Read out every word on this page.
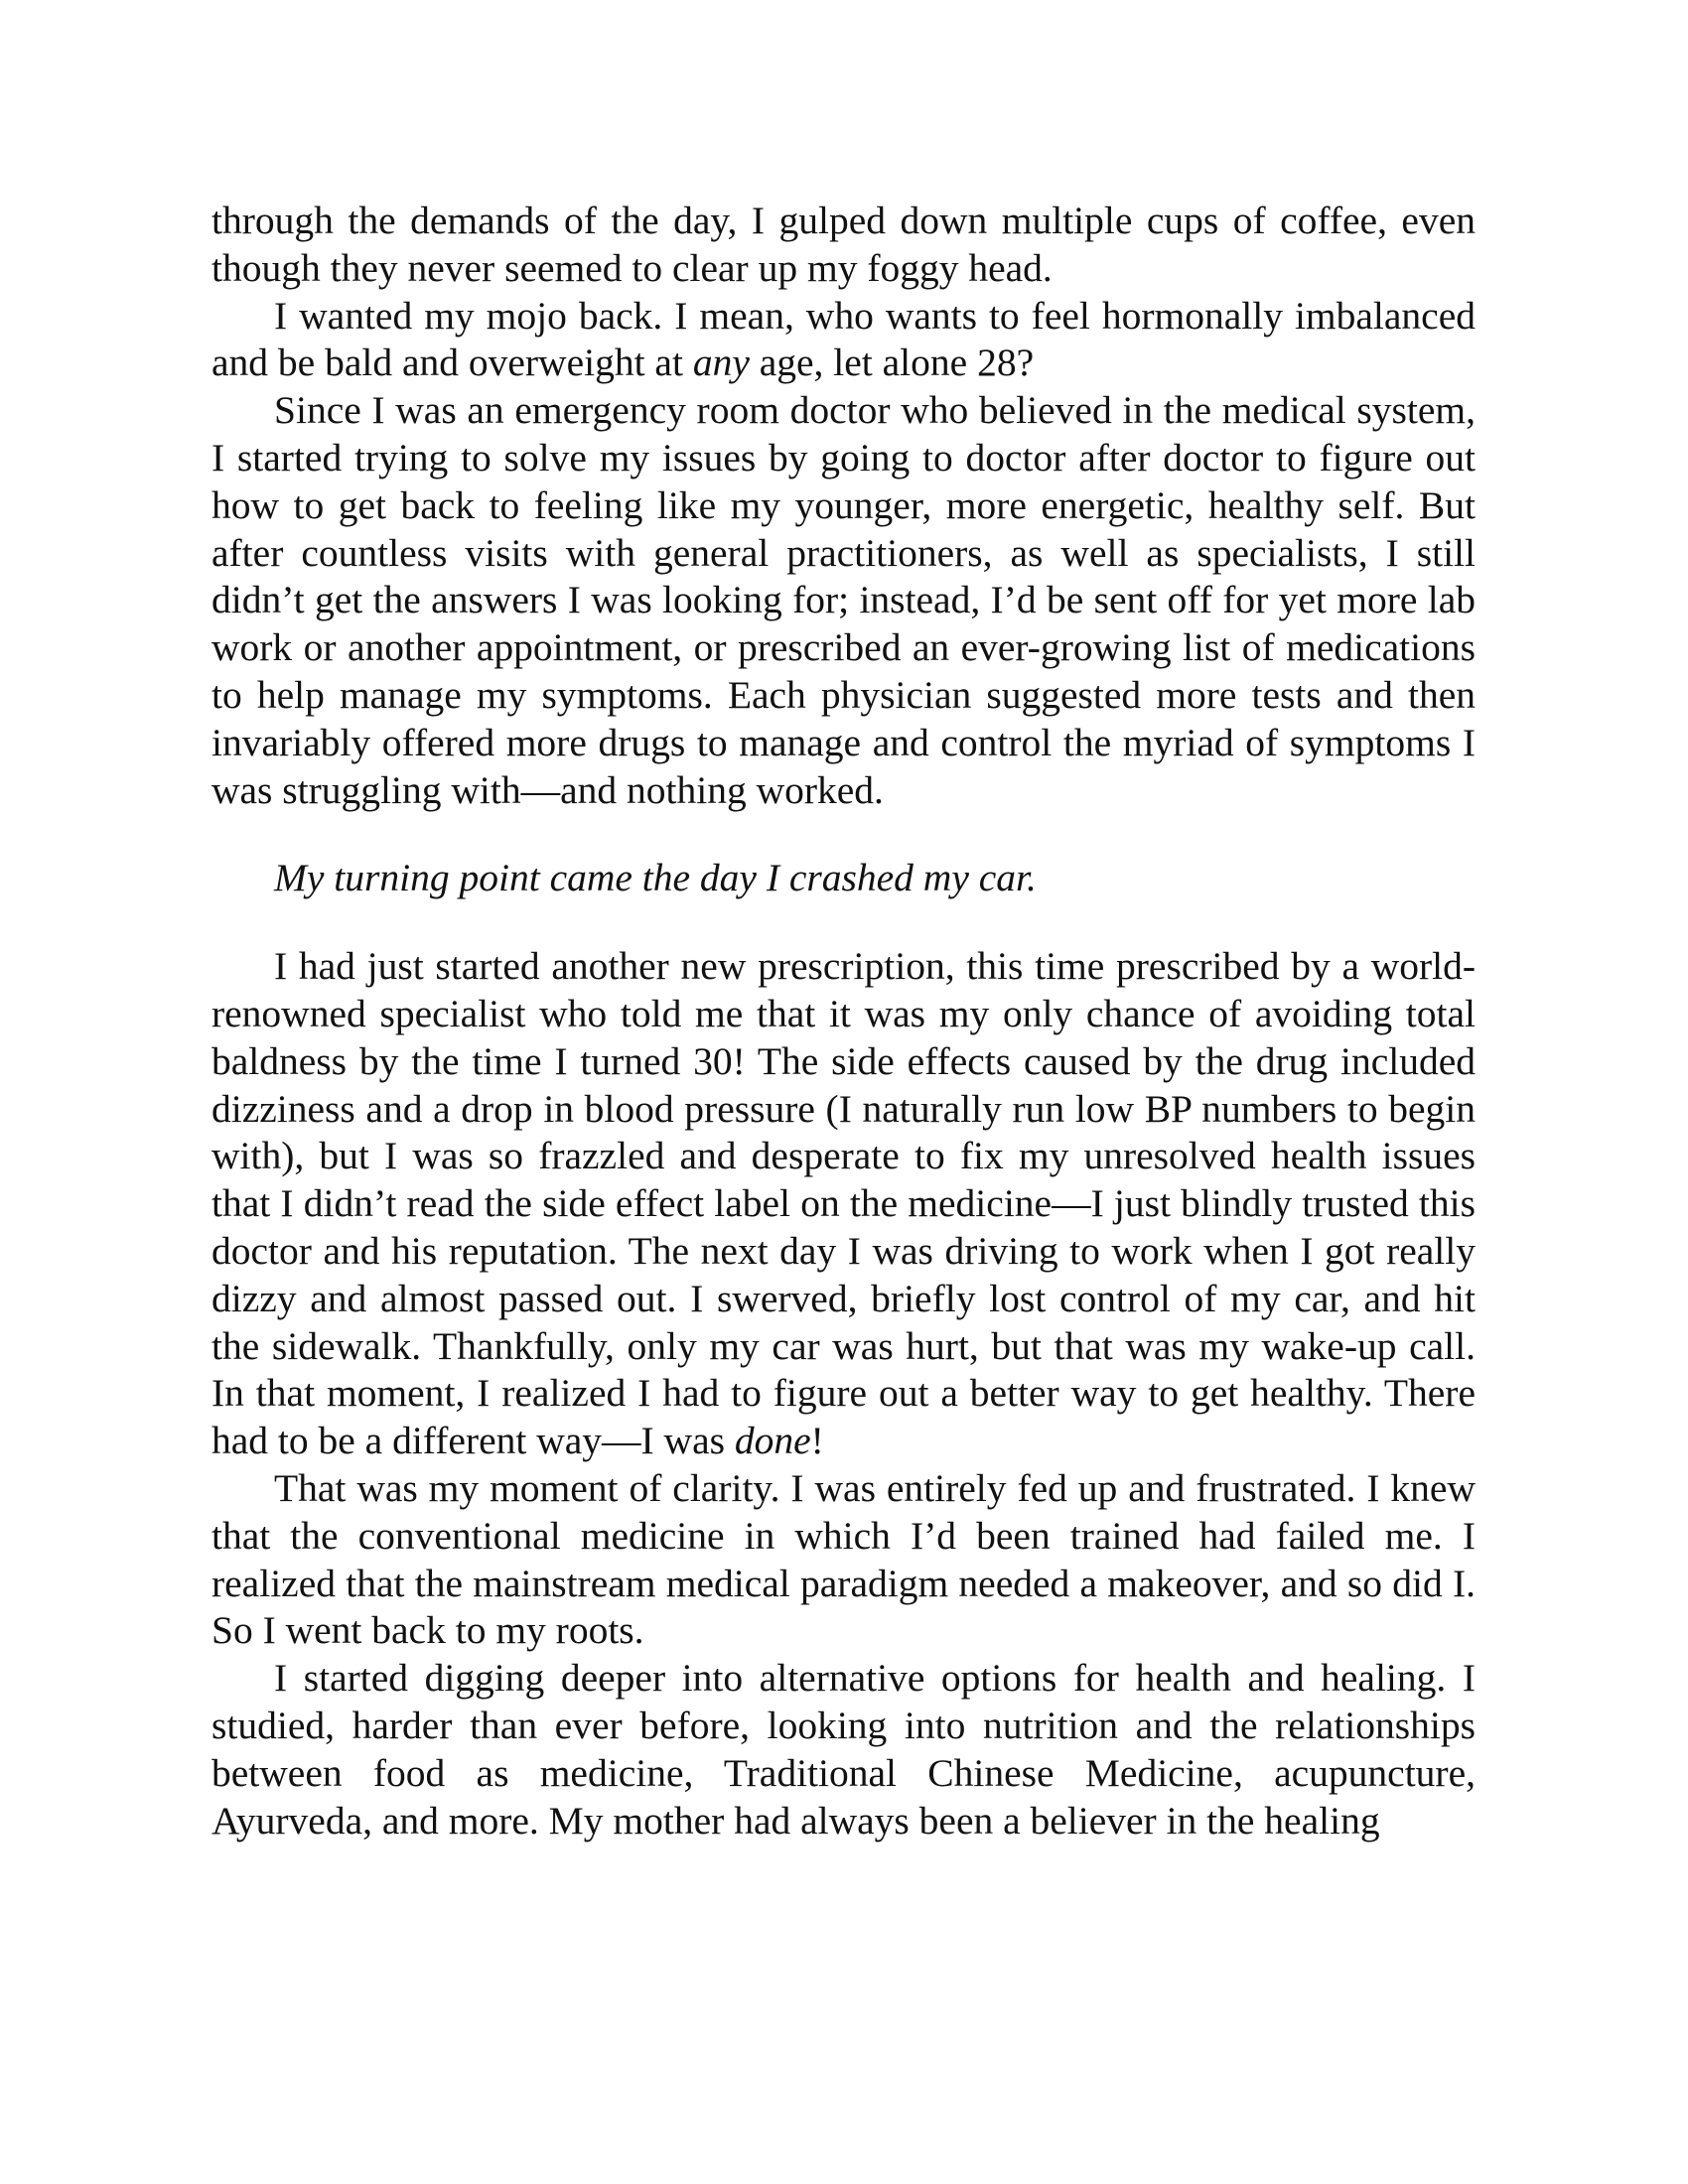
through the demands of the day, I gulped down multiple cups of coffee, even though they never seemed to clear up my foggy head.

I wanted my mojo back. I mean, who wants to feel hormonally imbalanced and be bald and overweight at any age, let alone 28?

Since I was an emergency room doctor who believed in the medical system, I started trying to solve my issues by going to doctor after doctor to figure out how to get back to feeling like my younger, more energetic, healthy self. But after countless visits with general practitioners, as well as specialists, I still didn’t get the answers I was looking for; instead, I’d be sent off for yet more lab work or another appointment, or prescribed an ever-growing list of medications to help manage my symptoms. Each physician suggested more tests and then invariably offered more drugs to manage and control the myriad of symptoms I was struggling with—and nothing worked.

My turning point came the day I crashed my car.

I had just started another new prescription, this time prescribed by a world-renowned specialist who told me that it was my only chance of avoiding total baldness by the time I turned 30! The side effects caused by the drug included dizziness and a drop in blood pressure (I naturally run low BP numbers to begin with), but I was so frazzled and desperate to fix my unresolved health issues that I didn’t read the side effect label on the medicine—I just blindly trusted this doctor and his reputation. The next day I was driving to work when I got really dizzy and almost passed out. I swerved, briefly lost control of my car, and hit the sidewalk. Thankfully, only my car was hurt, but that was my wake-up call. In that moment, I realized I had to figure out a better way to get healthy. There had to be a different way—I was done!

That was my moment of clarity. I was entirely fed up and frustrated. I knew that the conventional medicine in which I’d been trained had failed me. I realized that the mainstream medical paradigm needed a makeover, and so did I. So I went back to my roots.

I started digging deeper into alternative options for health and healing. I studied, harder than ever before, looking into nutrition and the relationships between food as medicine, Traditional Chinese Medicine, acupuncture, Ayurveda, and more. My mother had always been a believer in the healing
